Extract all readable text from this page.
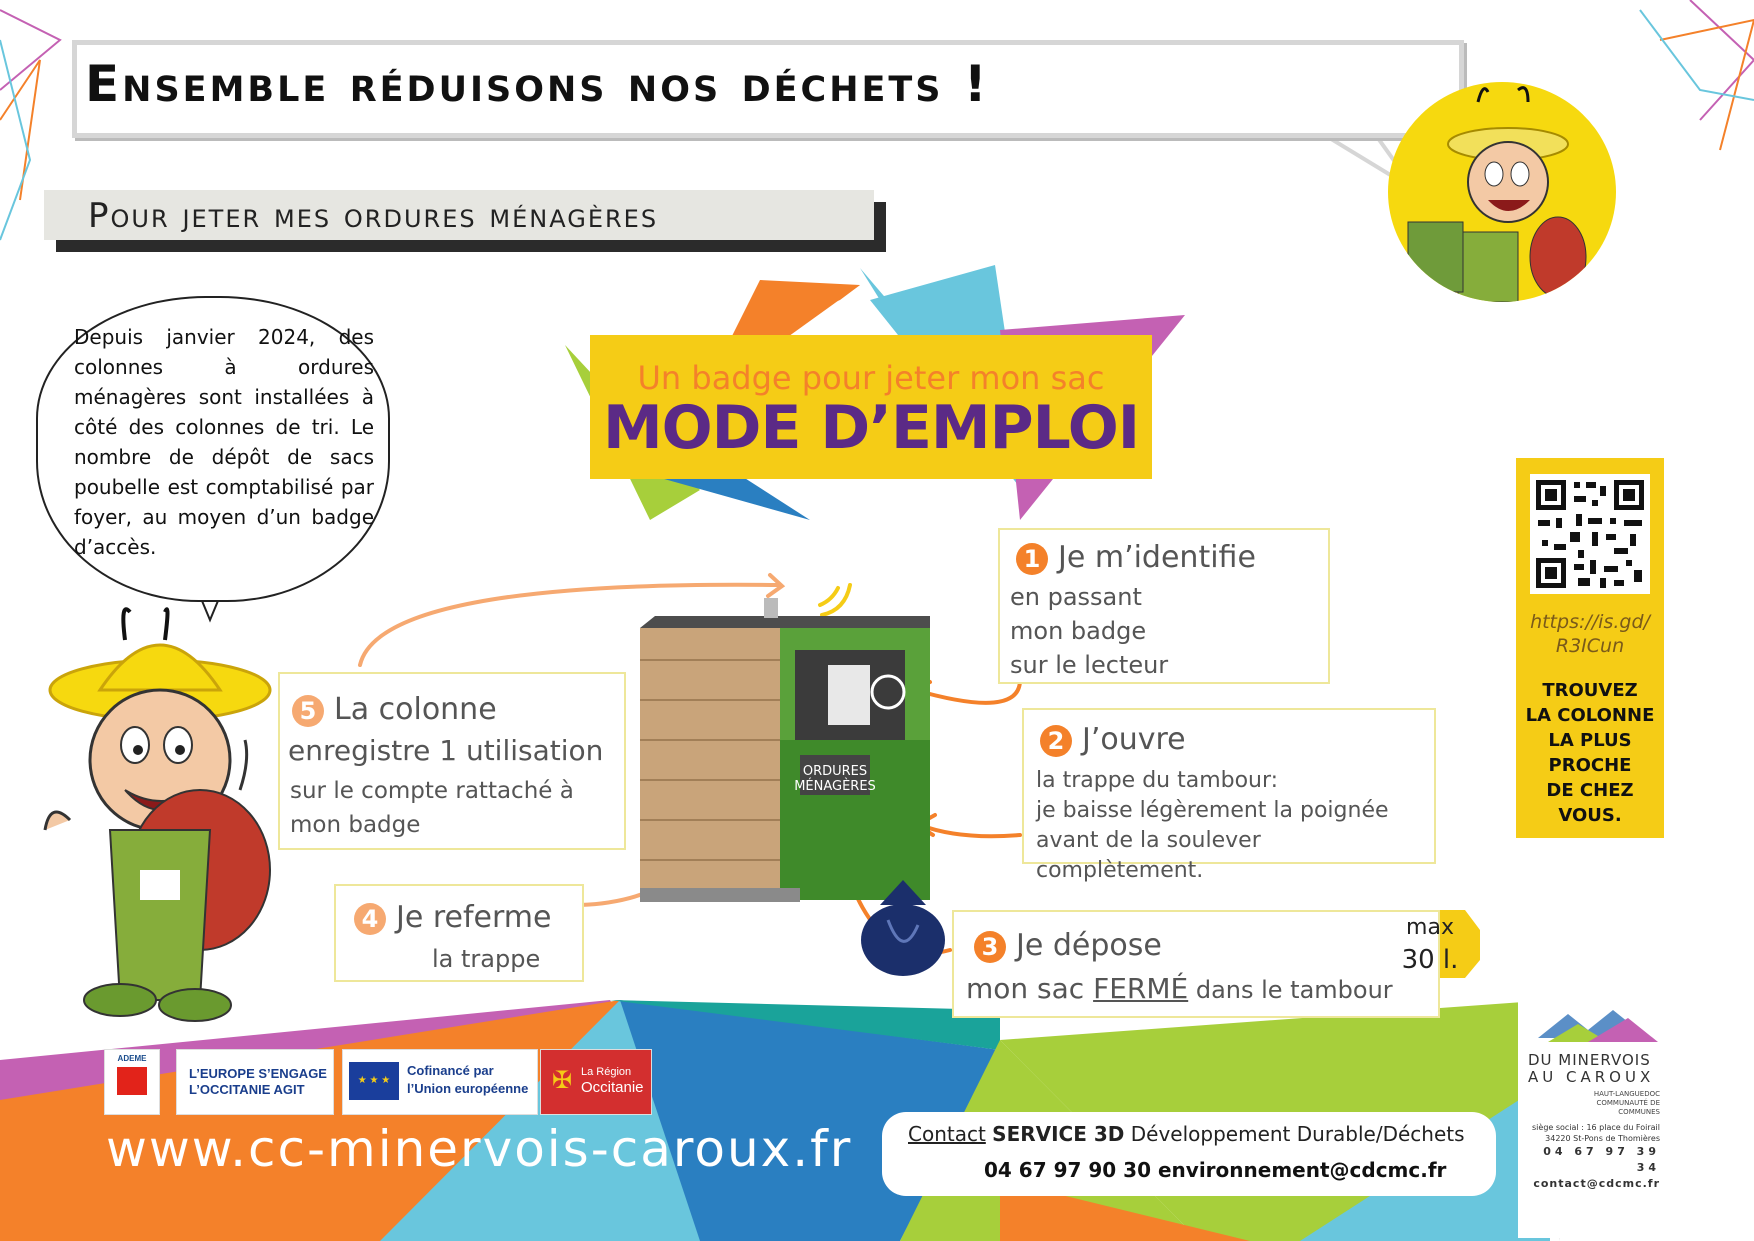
ORDURES
MÉNAGÈRES
Ensemble réduisons nos déchets !
Pour jeter mes ordures ménagères
Depuis janvier 2024, des colonnes à ordures ménagères sont installées à côté des colonnes de tri. Le nombre de dépôt de sacs poubelle est comptabilisé par foyer, au moyen d’un badge d’accès.
Un badge pour jeter mon sac
MODE D’EMPLOI
1 Je m’identifie
en passant
mon badge
sur le lecteur
2 J’ouvre
la trappe du tambour:
je baisse légèrement la poignée
avant de la soulever complètement.
3 Je dépose
mon sac FERMÉ dans le tambour
max
30 l.
4 Je referme
la trappe
5 La colonne
enregistre 1 utilisation
sur le compte rattaché à
mon badge
https://is.gd/
R3ICun
TROUVEZ
LA COLONNE
LA PLUS
PROCHE
DE CHEZ
VOUS.
ADEME
L’EUROPE S’ENGAGE
L’OCCITANIE AGIT
★ ★ ★
Cofinancé par
l’Union européenne ✠ La Région
Occitanie
www.cc-minervois-caroux.fr	Contact SERVICE 3D Développement Durable/Déchets
04 67 97 90 30 environnement@cdcmc.fr
DU MINERVOIS
AU CAROUX
HAUT-LANGUEDOC
COMMUNAUTÉ DE COMMUNES
siège social : 16 place du Foirail
34220 St-Pons de Thomières
04 67 97 39 34
contact@cdcmc.fr
